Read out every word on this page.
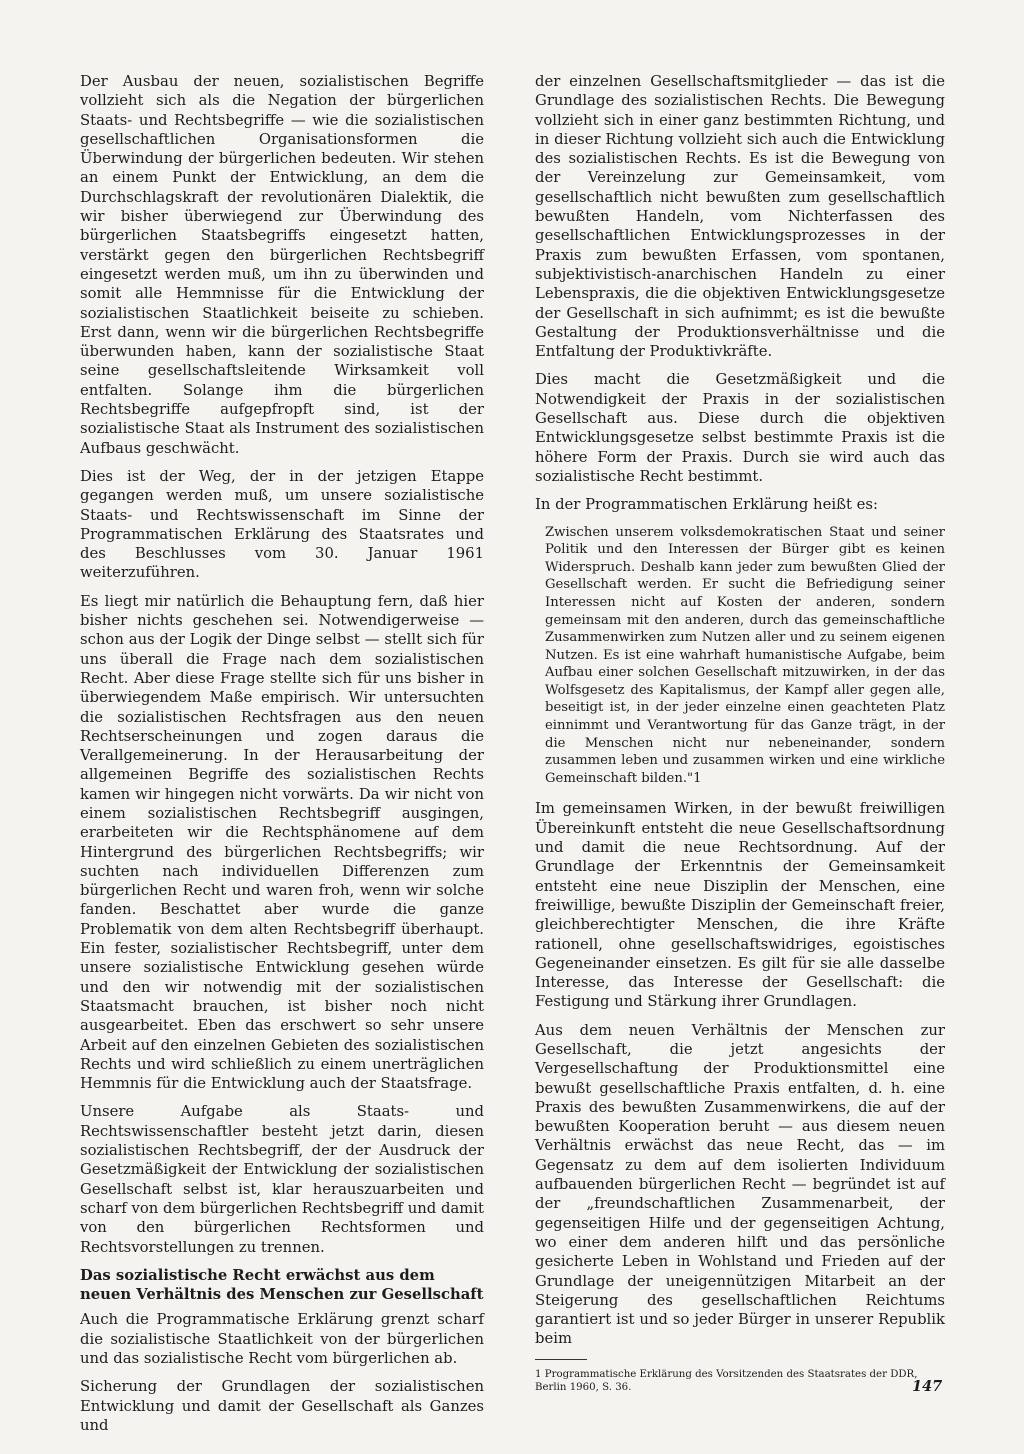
Der Ausbau der neuen, sozialistischen Begriffe vollzieht sich als die Negation der bürgerlichen Staats- und Rechtsbegriffe — wie die sozialistischen gesellschaftlichen Organisationsformen die Überwindung der bürgerlichen bedeuten. Wir stehen an einem Punkt der Entwicklung, an dem die Durchschlagskraft der revolutionären Dialektik, die wir bisher überwiegend zur Überwindung des bürgerlichen Staatsbegriffs eingesetzt hatten, verstärkt gegen den bürgerlichen Rechtsbegriff eingesetzt werden muß, um ihn zu überwinden und somit alle Hemmnisse für die Entwicklung der sozialistischen Staatlichkeit beiseite zu schieben. Erst dann, wenn wir die bürgerlichen Rechtsbegriffe überwunden haben, kann der sozialistische Staat seine gesellschaftsleitende Wirksamkeit voll entfalten. Solange ihm die bürgerlichen Rechtsbegriffe aufgepfropft sind, ist der sozialistische Staat als Instrument des sozialistischen Aufbaus geschwächt.

Dies ist der Weg, der in der jetzigen Etappe gegangen werden muß, um unsere sozialistische Staats- und Rechtswissenschaft im Sinne der Programmatischen Erklärung des Staatsrates und des Beschlusses vom 30. Januar 1961 weiterzuführen.

Es liegt mir natürlich die Behauptung fern, daß hier bisher nichts geschehen sei. Notwendigerweise — schon aus der Logik der Dinge selbst — stellt sich für uns überall die Frage nach dem sozialistischen Recht. Aber diese Frage stellte sich für uns bisher in überwiegendem Maße empirisch. Wir untersuchten die sozialistischen Rechtsfragen aus den neuen Rechtserscheinungen und zogen daraus die Verallgemeinerung. In der Herausarbeitung der allgemeinen Begriffe des sozialistischen Rechts kamen wir hingegen nicht vorwärts. Da wir nicht von einem sozialistischen Rechtsbegriff ausgingen, erarbeiteten wir die Rechtsphänomene auf dem Hintergrund des bürgerlichen Rechtsbegriffs; wir suchten nach individuellen Differenzen zum bürgerlichen Recht und waren froh, wenn wir solche fanden. Beschattet aber wurde die ganze Problematik von dem alten Rechtsbegriff überhaupt. Ein fester, sozialistischer Rechtsbegriff, unter dem unsere sozialistische Entwicklung gesehen würde und den wir notwendig mit der sozialistischen Staatsmacht brauchen, ist bisher noch nicht ausgearbeitet. Eben das erschwert so sehr unsere Arbeit auf den einzelnen Gebieten des sozialistischen Rechts und wird schließlich zu einem unerträglichen Hemmnis für die Entwicklung auch der Staatsfrage.

Unsere Aufgabe als Staats- und Rechtswissenschaftler besteht jetzt darin, diesen sozialistischen Rechtsbegriff, der der Ausdruck der Gesetzmäßigkeit der Entwicklung der sozialistischen Gesellschaft selbst ist, klar herauszuarbeiten und scharf von dem bürgerlichen Rechtsbegriff und damit von den bürgerlichen Rechtsformen und Rechtsvorstellungen zu trennen.

Das sozialistische Recht erwächst aus dem neuen Verhältnis des Menschen zur Gesellschaft

Auch die Programmatische Erklärung grenzt scharf die sozialistische Staatlichkeit von der bürgerlichen und das sozialistische Recht vom bürgerlichen ab.

Sicherung der Grundlagen der sozialistischen Entwicklung und damit der Gesellschaft als Ganzes und

der einzelnen Gesellschaftsmitglieder — das ist die Grundlage des sozialistischen Rechts. Die Bewegung vollzieht sich in einer ganz bestimmten Richtung, und in dieser Richtung vollzieht sich auch die Entwicklung des sozialistischen Rechts. Es ist die Bewegung von der Vereinzelung zur Gemeinsamkeit, vom gesellschaftlich nicht bewußten zum gesellschaftlich bewußten Handeln, vom Nichterfassen des gesellschaftlichen Entwicklungsprozesses in der Praxis zum bewußten Erfassen, vom spontanen, subjektivistisch-anarchischen Handeln zu einer Lebenspraxis, die die objektiven Entwicklungsgesetze der Gesellschaft in sich aufnimmt; es ist die bewußte Gestaltung der Produktionsverhältnisse und die Entfaltung der Produktivkräfte.

Dies macht die Gesetzmäßigkeit und die Notwendigkeit der Praxis in der sozialistischen Gesellschaft aus. Diese durch die objektiven Entwicklungsgesetze selbst bestimmte Praxis ist die höhere Form der Praxis. Durch sie wird auch das sozialistische Recht bestimmt.

In der Programmatischen Erklärung heißt es:

Zwischen unserem volksdemokratischen Staat und seiner Politik und den Interessen der Bürger gibt es keinen Widerspruch. Deshalb kann jeder zum bewußten Glied der Gesellschaft werden. Er sucht die Befriedigung seiner Interessen nicht auf Kosten der anderen, sondern gemeinsam mit den anderen, durch das gemeinschaftliche Zusammenwirken zum Nutzen aller und zu seinem eigenen Nutzen. Es ist eine wahrhaft humanistische Aufgabe, beim Aufbau einer solchen Gesellschaft mitzuwirken, in der das Wolfsgesetz des Kapitalismus, der Kampf aller gegen alle, beseitigt ist, in der jeder einzelne einen geachteten Platz einnimmt und Verantwortung für das Ganze trägt, in der die Menschen nicht nur nebeneinander, sondern zusammen leben und zusammen wirken und eine wirkliche Gemeinschaft bilden."1

Im gemeinsamen Wirken, in der bewußt freiwilligen Übereinkunft entsteht die neue Gesellschaftsordnung und damit die neue Rechtsordnung. Auf der Grundlage der Erkenntnis der Gemeinsamkeit entsteht eine neue Disziplin der Menschen, eine freiwillige, bewußte Disziplin der Gemeinschaft freier, gleichberechtigter Menschen, die ihre Kräfte rationell, ohne gesellschaftswidriges, egoistisches Gegeneinander einsetzen. Es gilt für sie alle dasselbe Interesse, das Interesse der Gesellschaft: die Festigung und Stärkung ihrer Grundlagen.

Aus dem neuen Verhältnis der Menschen zur Gesellschaft, die jetzt angesichts der Vergesellschaftung der Produktionsmittel eine bewußt gesellschaftliche Praxis entfalten, d. h. eine Praxis des bewußten Zusammenwirkens, die auf der bewußten Kooperation beruht — aus diesem neuen Verhältnis erwächst das neue Recht, das — im Gegensatz zu dem auf dem isolierten Individuum aufbauenden bürgerlichen Recht — begründet ist auf der „freundschaftlichen Zusammenarbeit, der gegenseitigen Hilfe und der gegenseitigen Achtung, wo einer dem anderen hilft und das persönliche gesicherte Leben in Wohlstand und Frieden auf der Grundlage der uneigennützigen Mitarbeit an der Steigerung des gesellschaftlichen Reichtums garantiert ist und so jeder Bürger in unserer Republik beim

1 Programmatische Erklärung des Vorsitzenden des Staatsrates der DDR, Berlin 1960, S. 36.	147
